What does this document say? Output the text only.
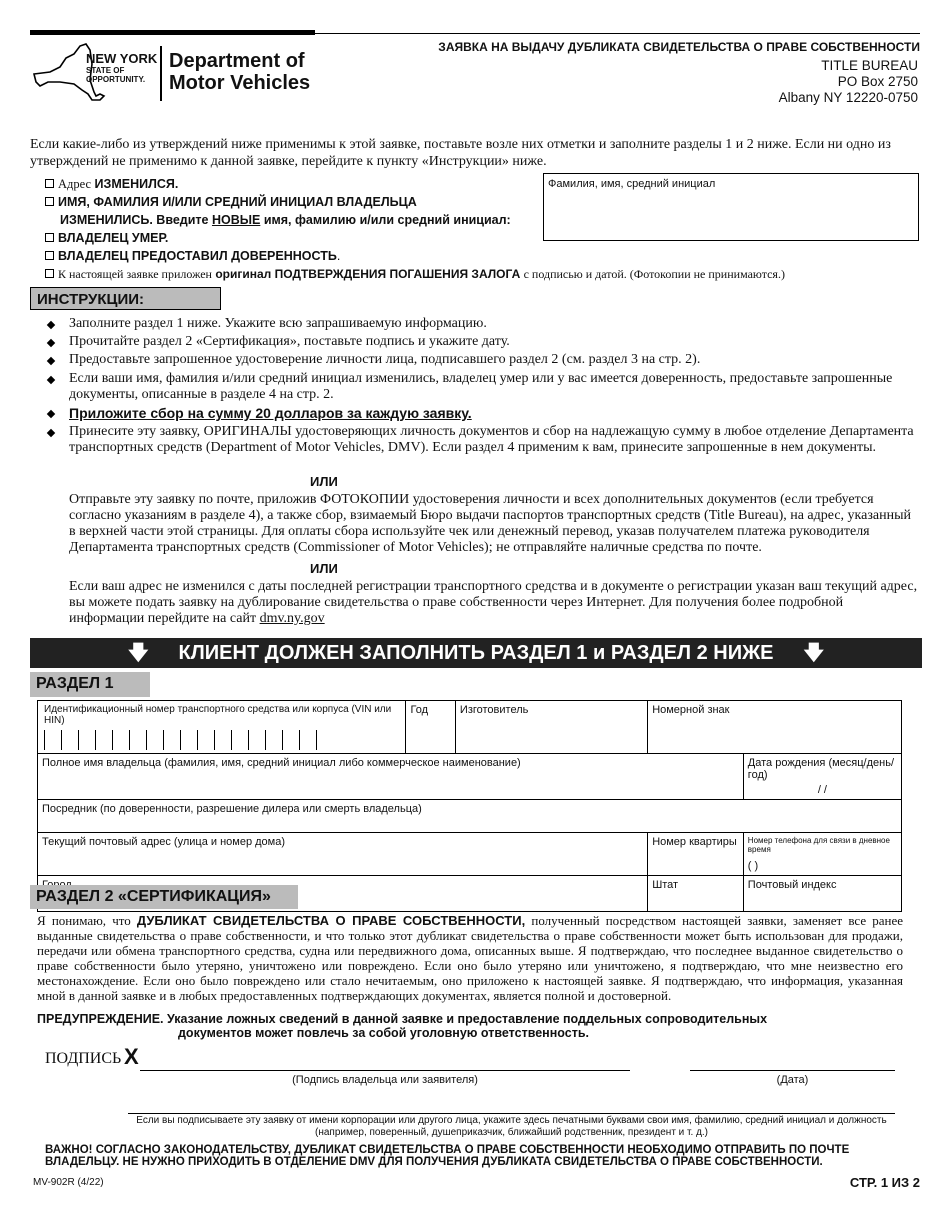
NEW YORK
STATE OF
OPPORTUNITY.
Department of
Motor Vehicles
ЗАЯВКА НА ВЫДАЧУ ДУБЛИКАТА СВИДЕТЕЛЬСТВА О ПРАВЕ СОБСТВЕННОСТИ
TITLE BUREAU
PO Box 2750
Albany NY 12220-0750
Если какие-либо из утверждений ниже применимы к этой заявке, поставьте возле них отметки и заполните разделы 1 и 2 ниже. Если ни одно из утверждений не применимо к данной заявке, перейдите к пункту «Инструкции» ниже.
Адрес ИЗМЕНИЛСЯ.
ИМЯ, ФАМИЛИЯ И/ИЛИ СРЕДНИЙ ИНИЦИАЛ ВЛАДЕЛЬЦА
ИЗМЕНИЛИСЬ. Введите НОВЫЕ имя, фамилию и/или средний инициал:
ВЛАДЕЛЕЦ УМЕР.
ВЛАДЕЛЕЦ ПРЕДОСТАВИЛ ДОВЕРЕННОСТЬ.
К настоящей заявке приложен оригинал ПОДТВЕРЖДЕНИЯ ПОГАШЕНИЯ ЗАЛОГА с подписью и датой. (Фотокопии не принимаются.)
Фамилия, имя, средний инициал
ИНСТРУКЦИИ:
Заполните раздел 1 ниже. Укажите всю запрашиваемую информацию.
Прочитайте раздел 2 «Сертификация», поставьте подпись и укажите дату.
Предоставьте запрошенное удостоверение личности лица, подписавшего раздел 2 (см. раздел 3 на стр. 2).
Если ваши имя, фамилия и/или средний инициал изменились, владелец умер или у вас имеется доверенность, предоставьте запрошенные документы, описанные в разделе 4 на стр. 2.
Приложите сбор на сумму 20 долларов за каждую заявку.
Принесите эту заявку, ОРИГИНАЛЫ удостоверяющих личность документов и сбор на надлежащую сумму в любое отделение Департамента транспортных средств (Department of Motor Vehicles, DMV). Если раздел 4 применим к вам, принесите запрошенные в нем документы.
ИЛИ
Отправьте эту заявку по почте, приложив ФОТОКОПИИ удостоверения личности и всех дополнительных документов (если требуется согласно указаниям в разделе 4), а также сбор, взимаемый Бюро выдачи паспортов транспортных средств (Title Bureau), на адрес, указанный в верхней части этой страницы. Для оплаты сбора используйте чек или денежный перевод, указав получателем платежа руководителя Департамента транспортных средств (Commissioner of Motor Vehicles); не отправляйте наличные средства по почте.
ИЛИ
Если ваш адрес не изменился с даты последней регистрации транспортного средства и в документе о регистрации указан ваш текущий адрес, вы можете подать заявку на дублирование свидетельства о праве собственности через Интернет. Для получения более подробной информации перейдите на сайт dmv.ny.gov
🡇 КЛИЕНТ ДОЛЖЕН ЗАПОЛНИТЬ РАЗДЕЛ 1 и РАЗДЕЛ 2 НИЖЕ 🡇
РАЗДЕЛ 1
Идентификационный номер транспортного средства или корпуса (VIN или HIN)	Год	Изготовитель	Номерной знак	
Полное имя владельца (фамилия, имя, средний инициал либо коммерческое наименование)				Дата рождения (месяц/день/год)
/ /

Посредник (по доверенности, разрешение дилера или смерть владельца)				
Текущий почтовый адрес (улица и номер дома)			Номер квартиры	Номер телефона для связи в дневное время
( )

	Штат	Почтовый индекс
РАЗДЕЛ 2 «СЕРТИФИКАЦИЯ»
Я понимаю, что ДУБЛИКАТ СВИДЕТЕЛЬСТВА О ПРАВЕ СОБСТВЕННОСТИ, полученный посредством настоящей заявки, заменяет все ранее выданные свидетельства о праве собственности, и что только этот дубликат свидетельства о праве собственности может быть использован для продажи, передачи или обмена транспортного средства, судна или передвижного дома, описанных выше. Я подтверждаю, что последнее выданное свидетельство о праве собственности было утеряно, уничтожено или повреждено. Если оно было утеряно или уничтожено, я подтверждаю, что мне неизвестно его местонахождение. Если оно было повреждено или стало нечитаемым, оно приложено к настоящей заявке. Я подтверждаю, что информация, указанная мной в данной заявке и в любых предоставленных подтверждающих документах, является полной и достоверной.
ПРЕДУПРЕЖДЕНИЕ. Указание ложных сведений в данной заявке и предоставление поддельных сопроводительных
документов может повлечь за собой уголовную ответственность.
ПОДПИСЬ X
(Подпись владельца или заявителя)	(Дата)
Если вы подписываете эту заявку от имени корпорации или другого лица, укажите здесь печатными буквами свои имя, фамилию, средний инициал и должность (например, поверенный, душеприказчик, ближайший родственник, президент и т. д.)
ВАЖНО! СОГЛАСНО ЗАКОНОДАТЕЛЬСТВУ, ДУБЛИКАТ СВИДЕТЕЛЬСТВА О ПРАВЕ СОБСТВЕННОСТИ НЕОБХОДИМО ОТПРАВИТЬ ПО ПОЧТЕ ВЛАДЕЛЬЦУ. НЕ НУЖНО ПРИХОДИТЬ В ОТДЕЛЕНИЕ DMV ДЛЯ ПОЛУЧЕНИЯ ДУБЛИКАТА СВИДЕТЕЛЬСТВА О ПРАВЕ СОБСТВЕННОСТИ.
MV-902R (4/22)	СТР. 1 ИЗ 2
